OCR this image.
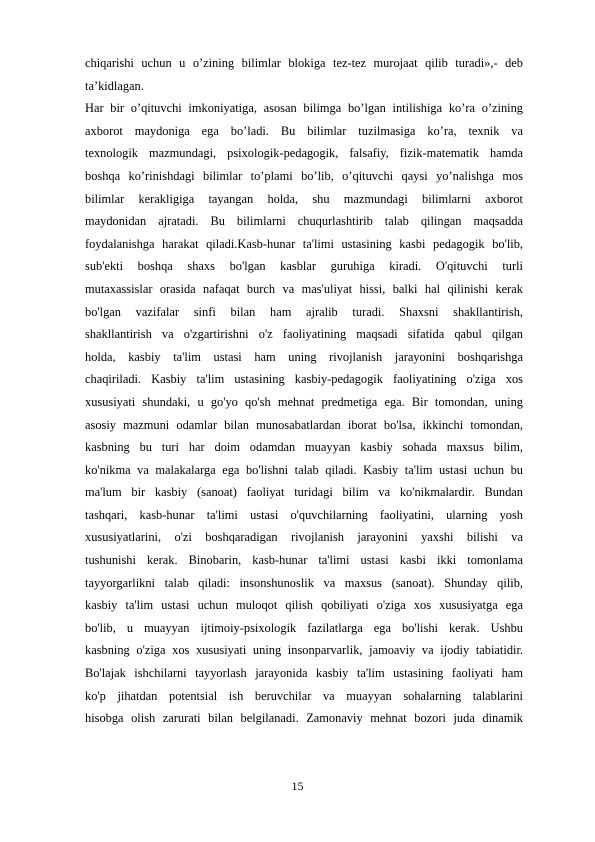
chiqarishi uchun u o’zining bilimlar blokiga tez-tez murojaat qilib turadi»,- deb
ta’kidlagan.
Har bir o’qituvchi imkoniyatiga, asosan bilimga bo’lgan intilishiga ko’ra o’zining
axborot maydoniga ega bo’ladi. Bu bilimlar tuzilmasiga ko’ra, texnik va
texnologik mazmundagi, psixologik-pedagogik, falsafiy, fizik-matematik hamda
boshqa ko’rinishdagi bilimlar to’plami bo’lib, o’qituvchi qaysi yo’nalishga mos
bilimlar kerakligiga tayangan holda, shu mazmundagi bilimlarni axborot
maydonidan ajratadi. Bu bilimlarni chuqurlashtirib talab qilingan maqsadda
foydalanishga harakat qiladi.Kasb-hunar ta'limi ustasining kasbi pedagogik bo'lib,
sub'ekti boshqa shaxs bo'lgan kasblar guruhiga kiradi. O'qituvchi turli
mutaxassislar orasida nafaqat burch va mas'uliyat hissi, balki hal qilinishi kerak
bo'lgan vazifalar sinfi bilan ham ajralib turadi. Shaxsni shakllantirish,
shakllantirish va o'zgartirishni o'z faoliyatining maqsadi sifatida qabul qilgan
holda, kasbiy ta'lim ustasi ham uning rivojlanish jarayonini boshqarishga
chaqiriladi. Kasbiy ta'lim ustasining kasbiy-pedagogik faoliyatining o'ziga xos
xususiyati shundaki, u go'yo qo'sh mehnat predmetiga ega. Bir tomondan, uning
asosiy mazmuni odamlar bilan munosabatlardan iborat bo'lsa, ikkinchi tomondan,
kasbning bu turi har doim odamdan muayyan kasbiy sohada maxsus bilim,
ko'nikma va malakalarga ega bo'lishni talab qiladi. Kasbiy ta'lim ustasi uchun bu
ma'lum bir kasbiy (sanoat) faoliyat turidagi bilim va ko'nikmalardir. Bundan
tashqari, kasb-hunar ta'limi ustasi o'quvchilarning faoliyatini, ularning yosh
xususiyatlarini, o'zi boshqaradigan rivojlanish jarayonini yaxshi bilishi va
tushunishi kerak. Binobarin, kasb-hunar ta'limi ustasi kasbi ikki tomonlama
tayyorgarlikni talab qiladi: insonshunoslik va maxsus (sanoat). Shunday qilib,
kasbiy ta'lim ustasi uchun muloqot qilish qobiliyati o'ziga xos xususiyatga ega
bo'lib, u muayyan ijtimoiy-psixologik fazilatlarga ega bo'lishi kerak. Ushbu
kasbning o'ziga xos xususiyati uning insonparvarlik, jamoaviy va ijodiy tabiatidir.
Bo'lajak ishchilarni tayyorlash jarayonida kasbiy ta'lim ustasining faoliyati ham
ko'p jihatdan potentsial ish beruvchilar va muayyan sohalarning talablarini
hisobga olish zarurati bilan belgilanadi. Zamonaviy mehnat bozori juda dinamik
15
